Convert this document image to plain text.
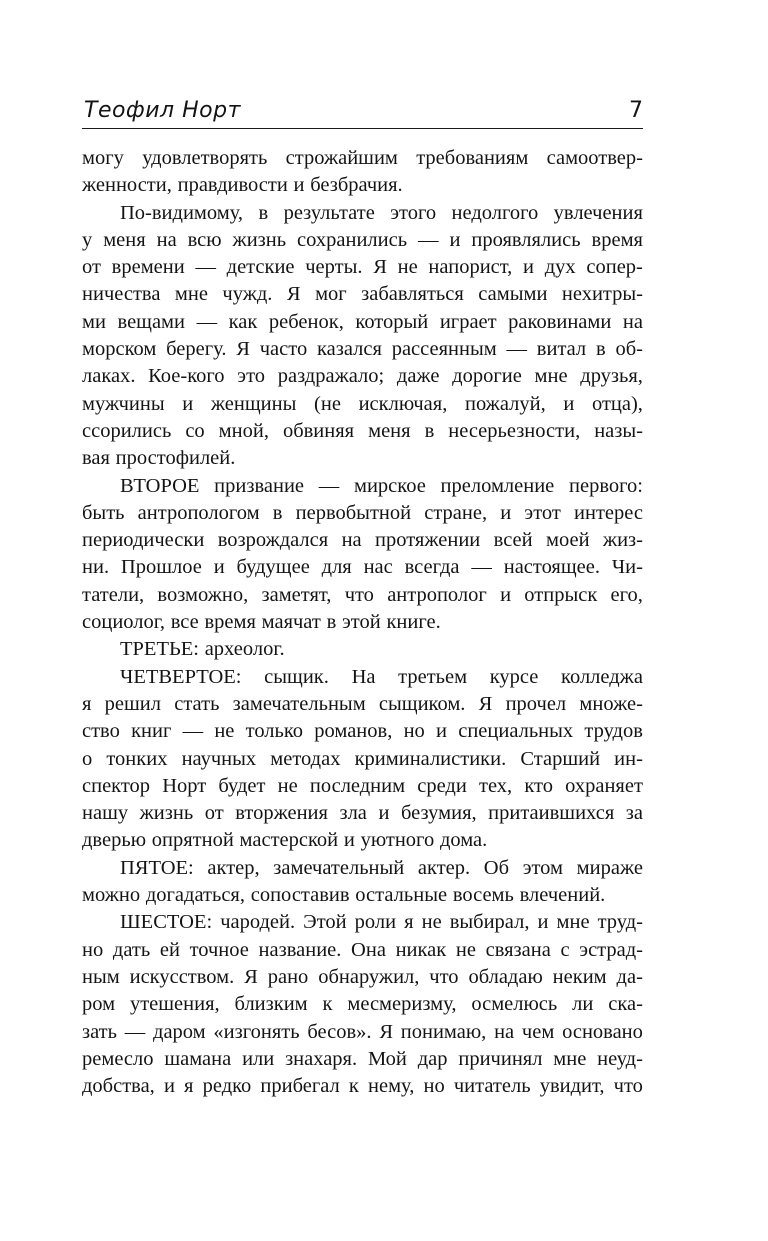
Теофил Норт	7
могу удовлетворять строжайшим требованиям самоотвер-
женности, правдивости и безбрачия.
По-видимому, в результате этого недолгого увлечения
у меня на всю жизнь сохранились — и проявлялись время
от времени — детские черты. Я не напорист, и дух сопер-
ничества мне чужд. Я мог забавляться самыми нехитры-
ми вещами — как ребенок, который играет раковинами на
морском берегу. Я часто казался рассеянным — витал в об-
лаках. Кое-кого это раздражало; даже дорогие мне друзья,
мужчины и женщины (не исключая, пожалуй, и отца),
ссорились со мной, обвиняя меня в несерьезности, назы-
вая простофилей.
ВТОРОЕ призвание — мирское преломление первого:
быть антропологом в первобытной стране, и этот интерес
периодически возрождался на протяжении всей моей жиз-
ни. Прошлое и будущее для нас всегда — настоящее. Чи-
татели, возможно, заметят, что антрополог и отпрыск его,
социолог, все время маячат в этой книге.
ТРЕТЬЕ: археолог.
ЧЕТВЕРТОЕ: сыщик. На третьем курсе колледжа
я решил стать замечательным сыщиком. Я прочел множе-
ство книг — не только романов, но и специальных трудов
о тонких научных методах криминалистики. Старший ин-
спектор Норт будет не последним среди тех, кто охраняет
нашу жизнь от вторжения зла и безумия, притаившихся за
дверью опрятной мастерской и уютного дома.
ПЯТОЕ: актер, замечательный актер. Об этом мираже
можно догадаться, сопоставив остальные восемь влечений.
ШЕСТОЕ: чародей. Этой роли я не выбирал, и мне труд-
но дать ей точное название. Она никак не связана с эстрад-
ным искусством. Я рано обнаружил, что обладаю неким да-
ром утешения, близким к месмеризму, осмелюсь ли ска-
зать — даром «изгонять бесов». Я понимаю, на чем основано
ремесло шамана или знахаря. Мой дар причинял мне неуд-
добства, и я редко прибегал к нему, но читатель увидит, что
